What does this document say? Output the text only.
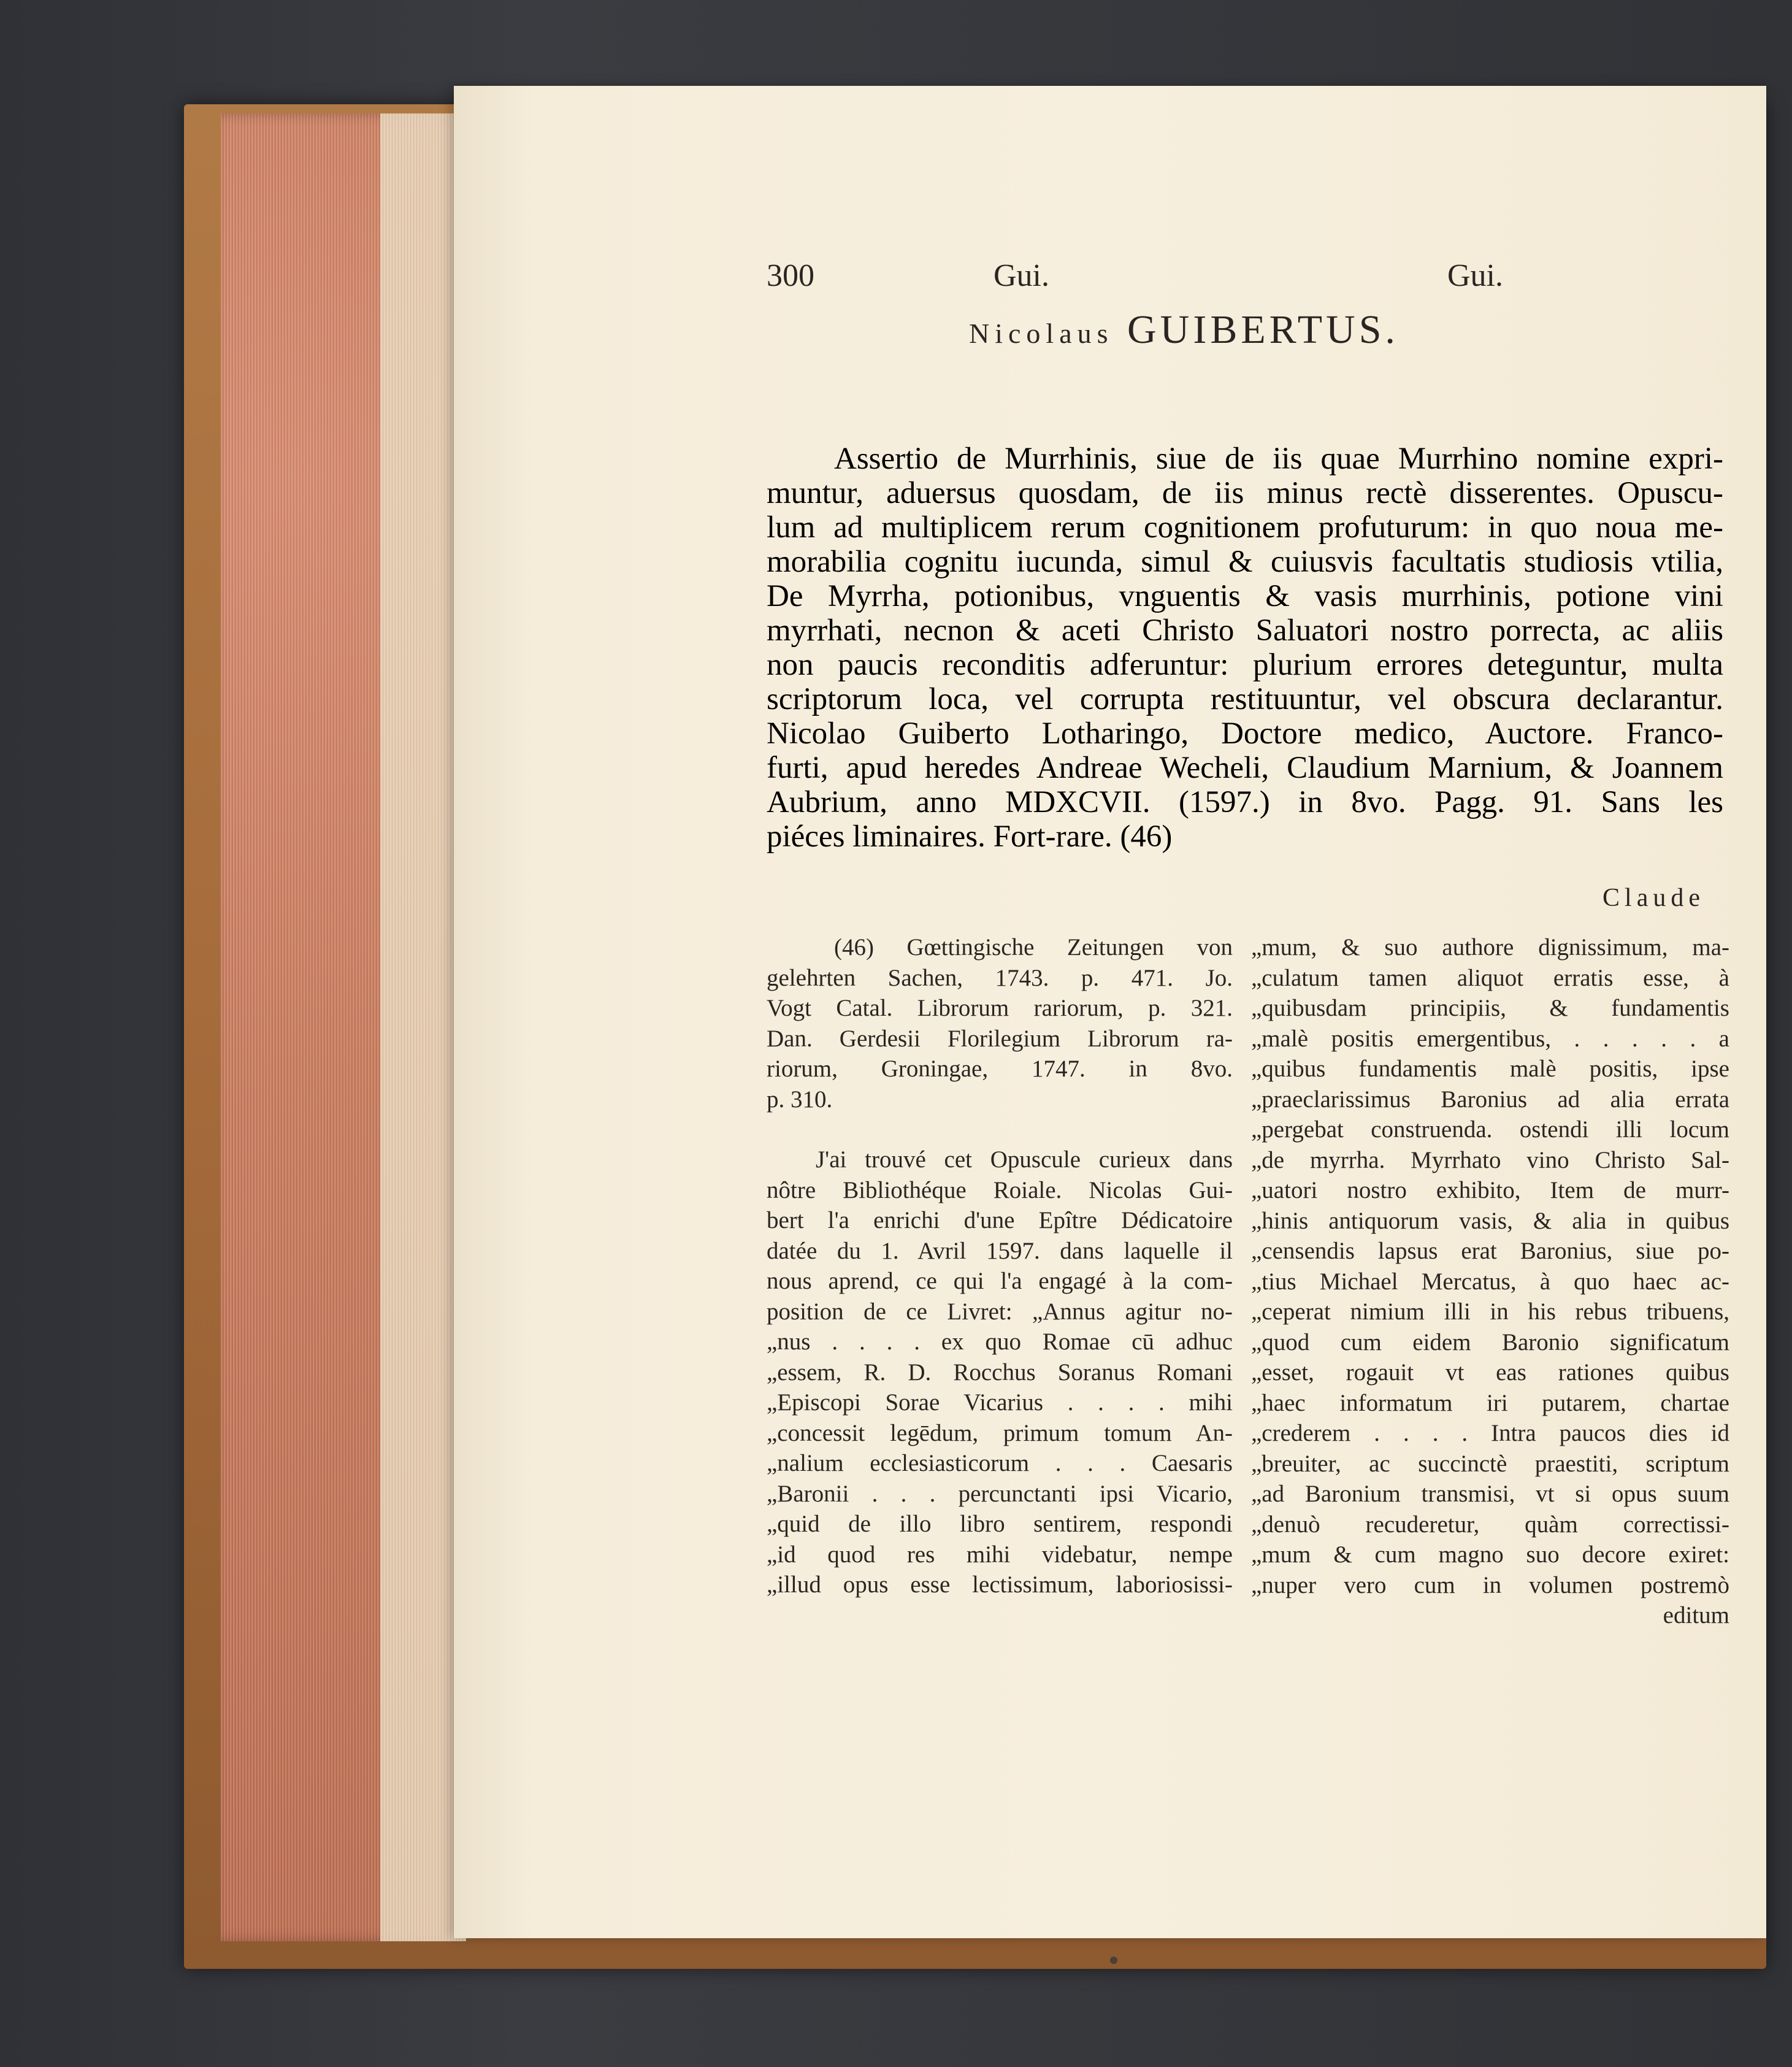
300	Gui.	Gui.
Nicolaus GUIBERTUS.
Assertio de Murrhinis, siue de iis quae Murrhino nomine expri-
muntur, aduersus quosdam, de iis minus rectè disserentes. Opuscu-
lum ad multiplicem rerum cognitionem profuturum: in quo noua me-
morabilia cognitu iucunda, simul & cuiusvis facultatis studiosis vtilia,
De Myrrha, potionibus, vnguentis & vasis murrhinis, potione vini
myrrhati, necnon & aceti Christo Saluatori nostro porrecta, ac aliis
non paucis reconditis adferuntur: plurium errores deteguntur, multa
scriptorum loca, vel corrupta restituuntur, vel obscura declarantur.
Nicolao Guiberto Lotharingo, Doctore medico, Auctore. Franco-
furti, apud heredes Andreae Wecheli, Claudium Marnium, & Joannem
Aubrium, anno MDXCVII. (1597.) in 8vo. Pagg. 91. Sans les
piéces liminaires. Fort-rare. (46)
Claude
(46) Gœttingische Zeitungen von
gelehrten Sachen, 1743. p. 471. Jo.
Vogt Catal. Librorum rariorum, p. 321.
Dan. Gerdesii Florilegium Librorum ra-
riorum, Groningae, 1747. in 8vo.
p. 310.
J'ai trouvé cet Opuscule curieux dans
nôtre Bibliothéque Roiale. Nicolas Gui-
bert l'a enrichi d'une Epître Dédicatoire
datée du 1. Avril 1597. dans laquelle il
nous aprend, ce qui l'a engagé à la com-
position de ce Livret: „Annus agitur no-
„nus . . . . ex quo Romae cū adhuc
„essem, R. D. Rocchus Soranus Romani
„Episcopi Sorae Vicarius . . . . mihi
„concessit legēdum, primum tomum An-
„nalium ecclesiasticorum . . . Caesaris
„Baronii . . . percunctanti ipsi Vicario,
„quid de illo libro sentirem, respondi
„id quod res mihi videbatur, nempe
„illud opus esse lectissimum, laboriosissi-
„mum, & suo authore dignissimum, ma-
„culatum tamen aliquot erratis esse, à
„quibusdam principiis, & fundamentis
„malè positis emergentibus, . . . . . a
„quibus fundamentis malè positis, ipse
„praeclarissimus Baronius ad alia errata
„pergebat construenda. ostendi illi locum
„de myrrha. Myrrhato vino Christo Sal-
„uatori nostro exhibito, Item de murr-
„hinis antiquorum vasis, & alia in quibus
„censendis lapsus erat Baronius, siue po-
„tius Michael Mercatus, à quo haec ac-
„ceperat nimium illi in his rebus tribuens,
„quod cum eidem Baronio significatum
„esset, rogauit vt eas rationes quibus
„haec informatum iri putarem, chartae
„crederem . . . . Intra paucos dies id
„breuiter, ac succinctè praestiti, scriptum
„ad Baronium transmisi, vt si opus suum
„denuò recuderetur, quàm correctissi-
„mum & cum magno suo decore exiret:
„nuper vero cum in volumen postremò
editum
